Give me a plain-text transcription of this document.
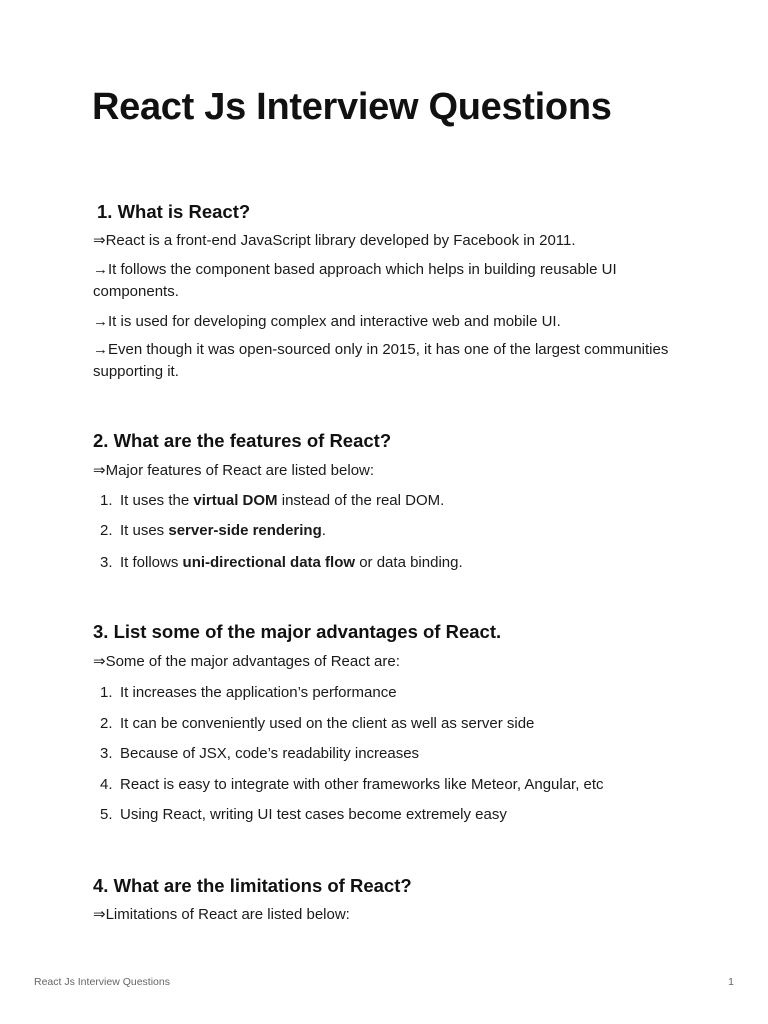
React Js Interview Questions
1. What is React?

⇒React is a front-end JavaScript library developed by Facebook in 2011.

→It follows the component based approach which helps in building reusable UI components.

→It is used for developing complex and interactive web and mobile UI.

→Even though it was open-sourced only in 2015, it has one of the largest communities supporting it.

2. What are the features of React?

⇒Major features of React are listed below:

1. It uses the virtual DOM instead of the real DOM.

2. It uses server-side rendering.

3. It follows uni-directional data flow or data binding.

3. List some of the major advantages of React.

⇒Some of the major advantages of React are:

1. It increases the application’s performance

2. It can be conveniently used on the client as well as server side

3. Because of JSX, code’s readability increases

4. React is easy to integrate with other frameworks like Meteor, Angular, etc

5. Using React, writing UI test cases become extremely easy

4. What are the limitations of React?

⇒Limitations of React are listed below:

React Js Interview Questions	1
